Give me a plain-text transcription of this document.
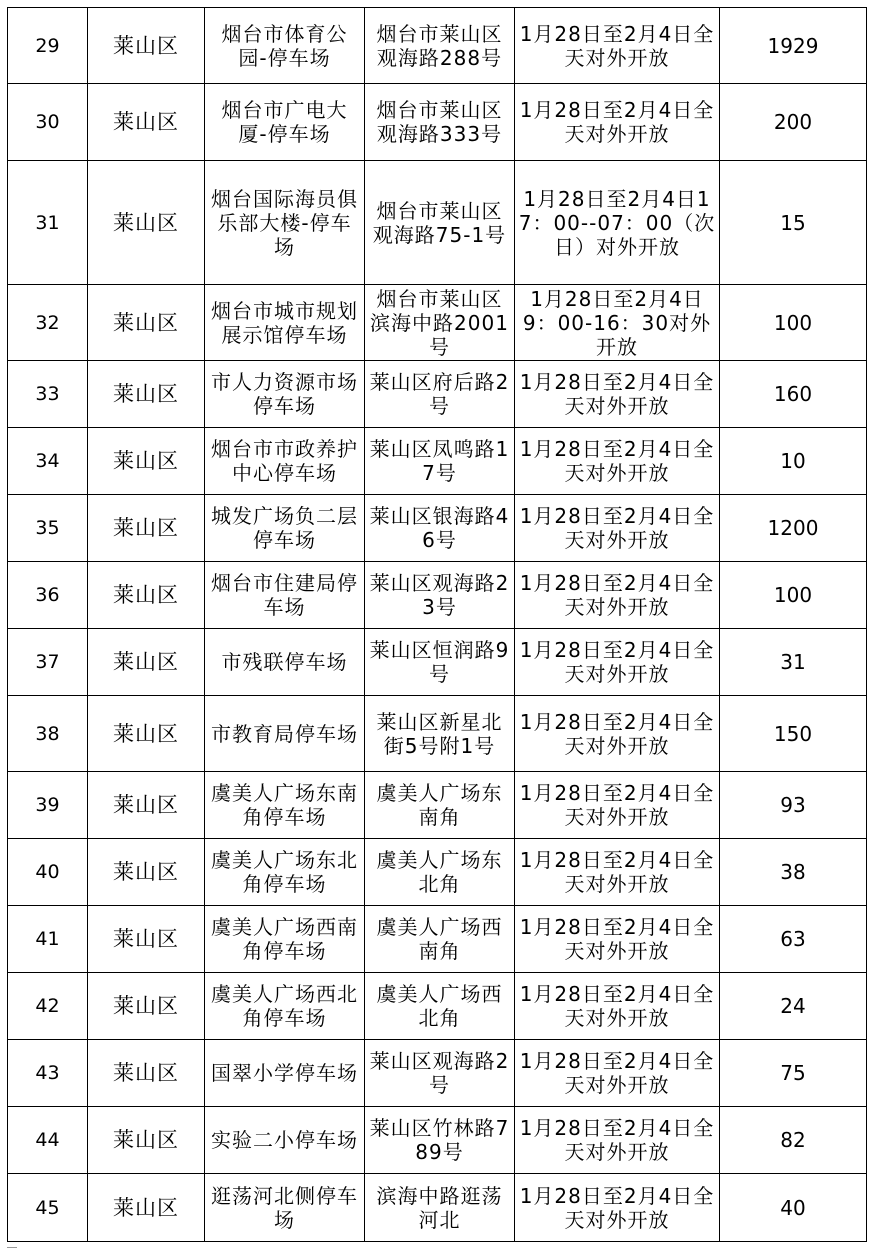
29	莱山区	烟台市体育公园-停车场	烟台市莱山区观海路288号	1月28日至2月4日全天对外开放	1929

30	莱山区	烟台市广电大厦-停车场	烟台市莱山区观海路333号	1月28日至2月4日全天对外开放	200

31	莱山区	烟台国际海员俱乐部大楼-停车场	烟台市莱山区观海路75-1号	1月28日至2月4日17：00--07：00（次日）对外开放	15

32	莱山区	烟台市城市规划展示馆停车场	烟台市莱山区滨海中路2001号	1月28日至2月4日9：00-16：30对外开放	100

33	莱山区	市人力资源市场停车场	莱山区府后路2号	1月28日至2月4日全天对外开放	160

34	莱山区	烟台市市政养护中心停车场	莱山区凤鸣路17号	1月28日至2月4日全天对外开放	10

35	莱山区	城发广场负二层停车场	莱山区银海路46号	1月28日至2月4日全天对外开放	1200

36	莱山区	烟台市住建局停车场	莱山区观海路23号	1月28日至2月4日全天对外开放	100

37	莱山区	市残联停车场	莱山区恒润路9号	1月28日至2月4日全天对外开放	31

38	莱山区	市教育局停车场	莱山区新星北街5号附1号	1月28日至2月4日全天对外开放	150

39	莱山区	虞美人广场东南角停车场	虞美人广场东南角	1月28日至2月4日全天对外开放	93

40	莱山区	虞美人广场东北角停车场	虞美人广场东北角	1月28日至2月4日全天对外开放	38

41	莱山区	虞美人广场西南角停车场	虞美人广场西南角	1月28日至2月4日全天对外开放	63

42	莱山区	虞美人广场西北角停车场	虞美人广场西北角	1月28日至2月4日全天对外开放	24

43	莱山区	国翠小学停车场	莱山区观海路2号	1月28日至2月4日全天对外开放	75

44	莱山区	实验二小停车场	莱山区竹林路789号	1月28日至2月4日全天对外开放	82

45	莱山区	逛荡河北侧停车场	滨海中路逛荡河北	1月28日至2月4日全天对外开放	40
